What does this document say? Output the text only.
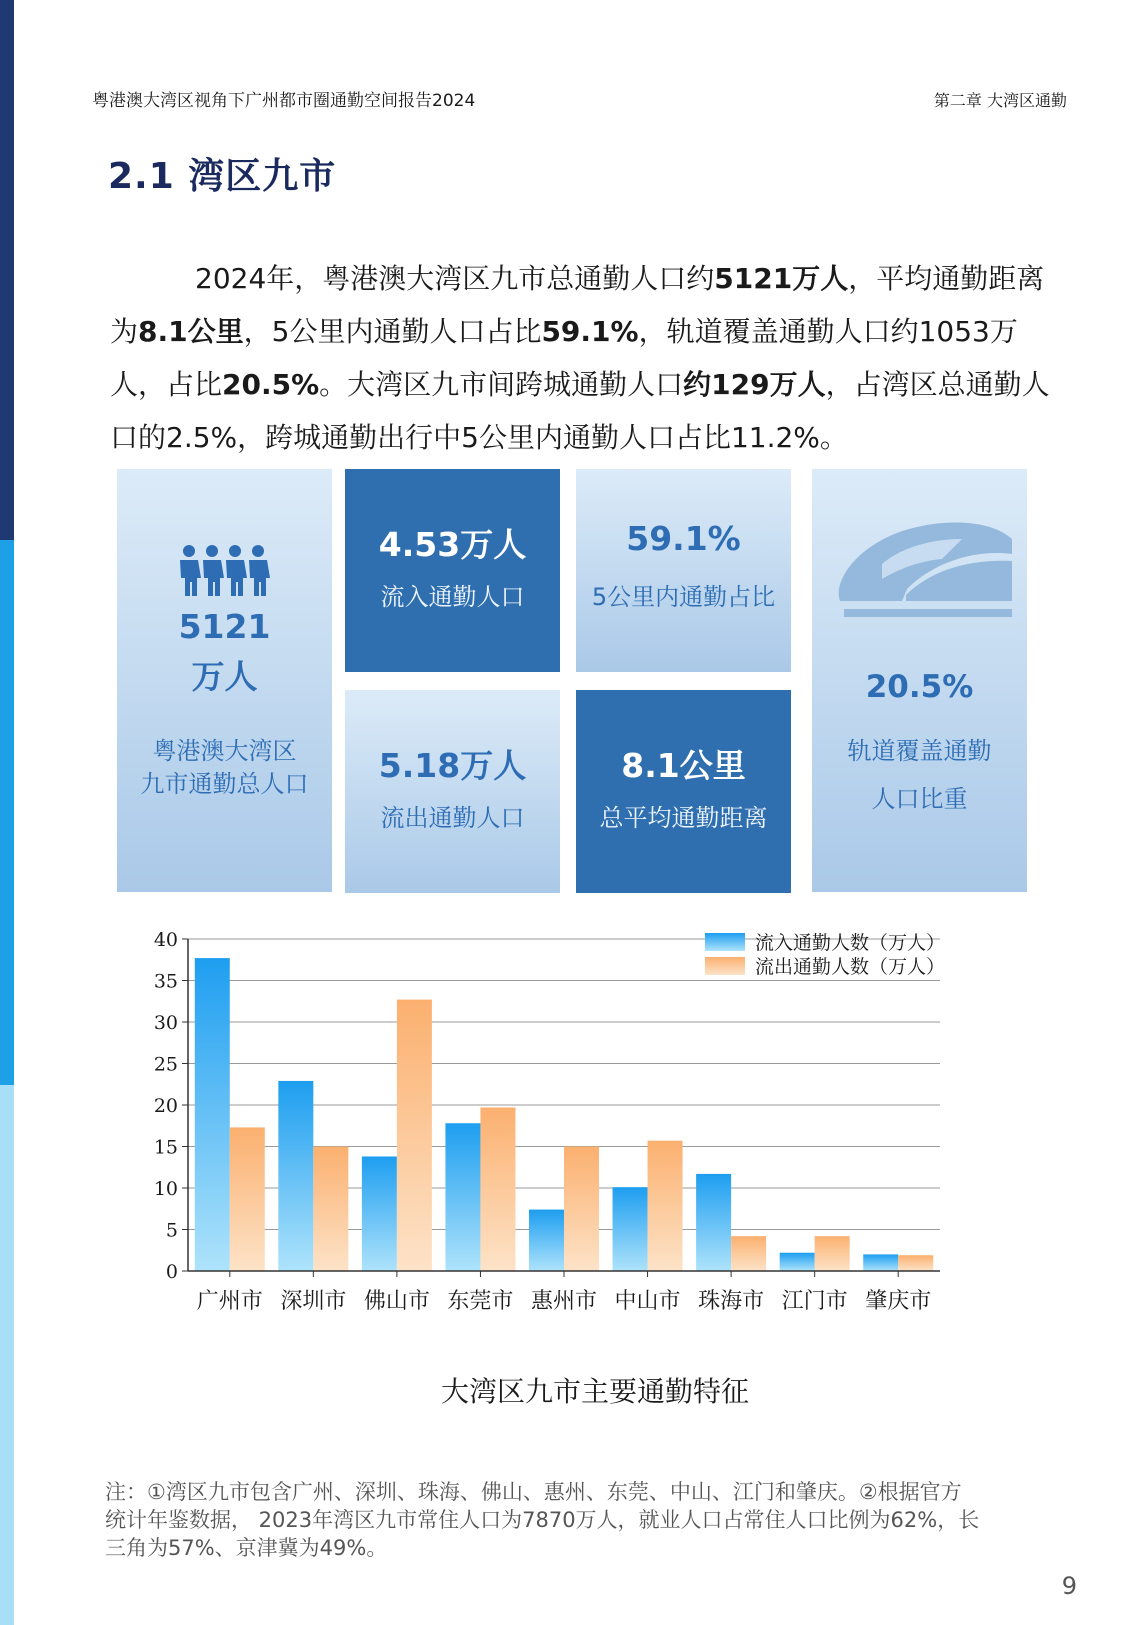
粤港澳大湾区视角下广州都市圈通勤空间报告2024	第二章 大湾区通勤
2.1 湾区九市

2024年，粤港澳大湾区九市总通勤人口约5121万人，平均通勤距离为8.1公里，5公里内通勤人口占比59.1%，轨道覆盖通勤人口约1053万人，占比20.5%。大湾区九市间跨城通勤人口约129万人，占湾区总通勤人口的2.5%，跨城通勤出行中5公里内通勤人口占比11.2%。

5121
万人
粤港澳大湾区
九市通勤总人口
4.53万人
流入通勤人口
59.1%
5公里内通勤占比
5.18万人
流出通勤人口
8.1公里
总平均通勤距离
20.5%
轨道覆盖通勤
人口比重
0
5
10
15
20
25
30
35
40
广州市 深圳市 佛山市 东莞市 惠州市 中山市 珠海市 江门市 肇庆市
流入通勤人数（万人）
流出通勤人数（万人）
大湾区九市主要通勤特征
注：①湾区九市包含广州、深圳、珠海、佛山、惠州、东莞、中山、江门和肇庆。②根据官方
统计年鉴数据， 2023年湾区九市常住人口为7870万人，就业人口占常住人口比例为62%，长
三角为57%、京津冀为49%。
9
